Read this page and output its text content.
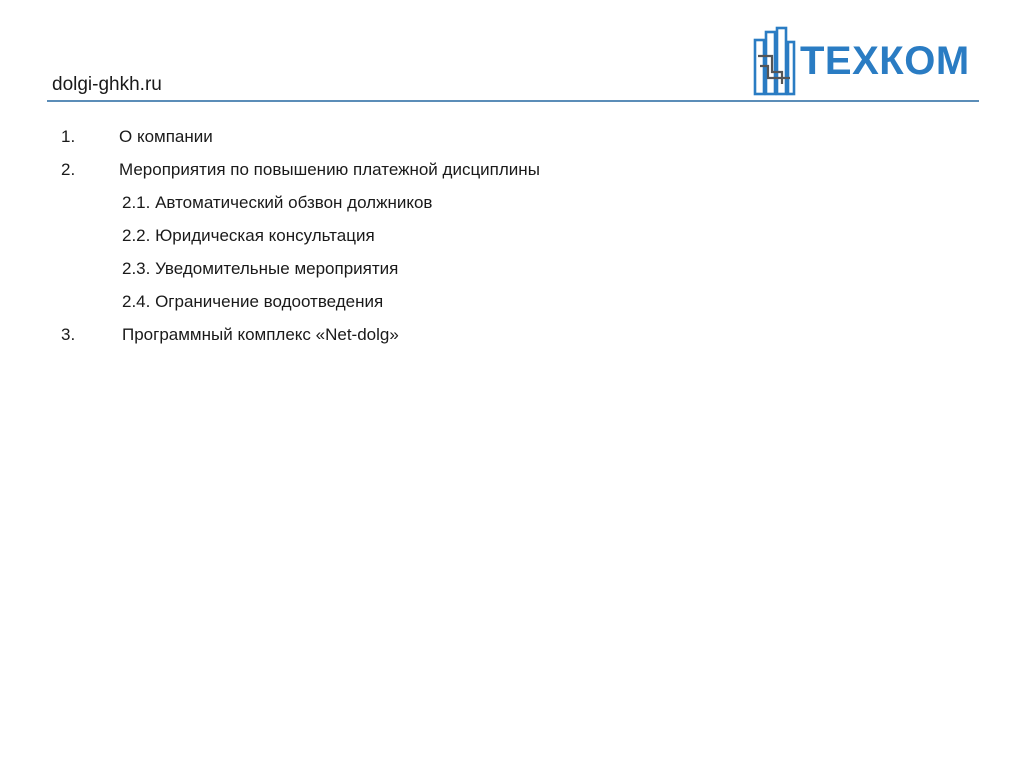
dolgi-ghkh.ru
ТЕХКОМ
1.	О компании
2.	Мероприятия по повышению платежной дисциплины
2.1. Автоматический обзвон должников
2.2. Юридическая консультация
2.3. Уведомительные мероприятия
2.4. Ограничение водоотведения
3.	Программный комплекс «Net-dolg»
